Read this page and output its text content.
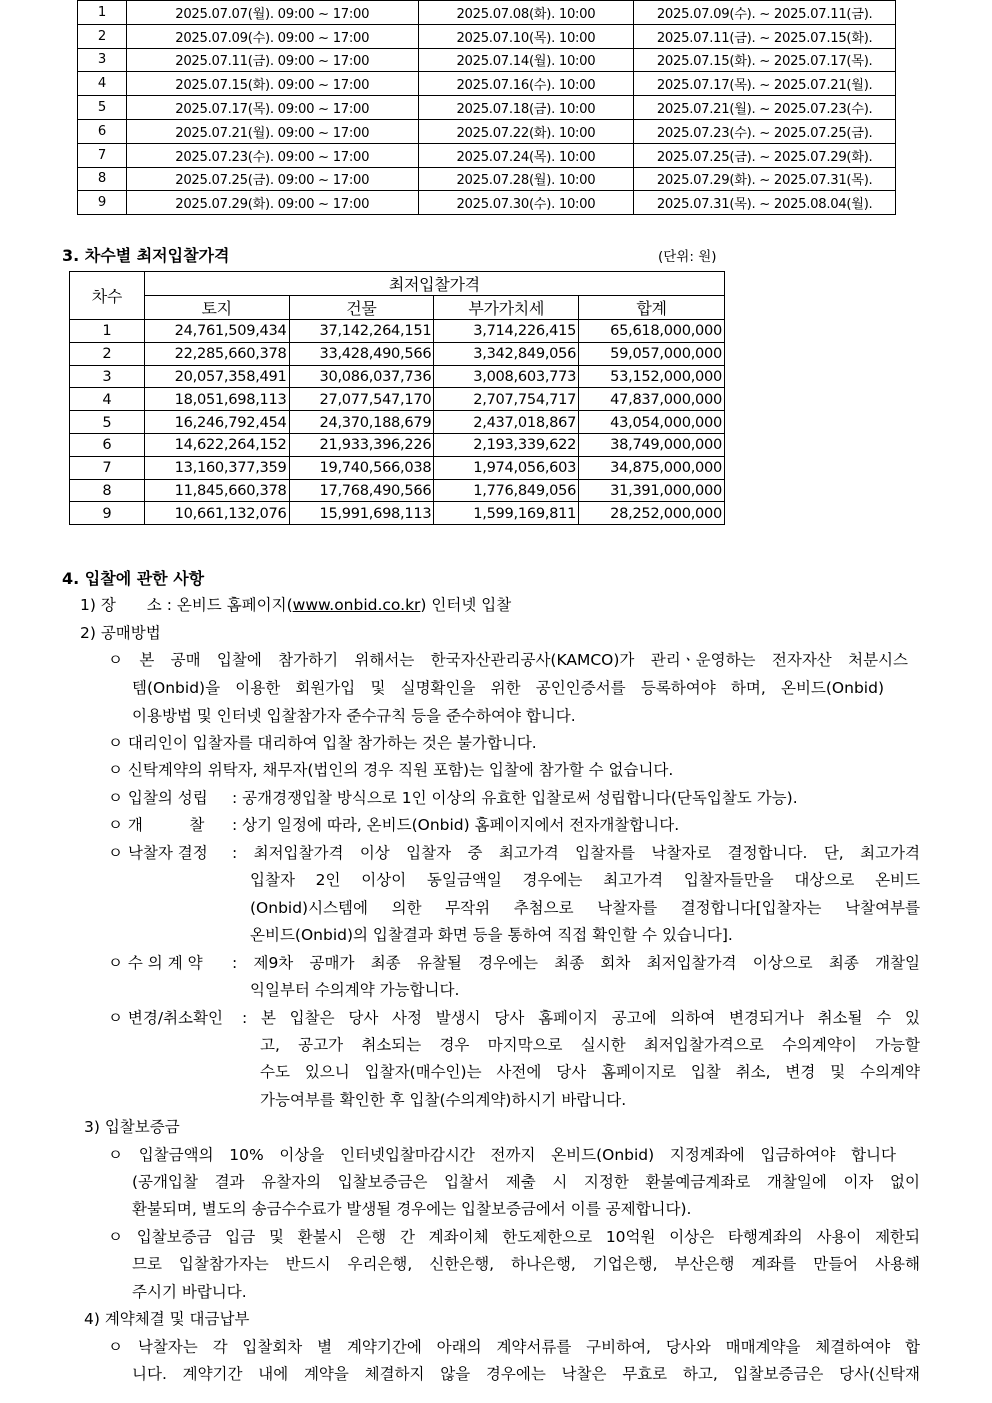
1	2025.07.07(월). 09:00 ~ 17:00	2025.07.08(화). 10:00	2025.07.09(수). ~ 2025.07.11(금).
2	2025.07.09(수). 09:00 ~ 17:00	2025.07.10(목). 10:00	2025.07.11(금). ~ 2025.07.15(화).
3	2025.07.11(금). 09:00 ~ 17:00	2025.07.14(월). 10:00	2025.07.15(화). ~ 2025.07.17(목).
4	2025.07.15(화). 09:00 ~ 17:00	2025.07.16(수). 10:00	2025.07.17(목). ~ 2025.07.21(월).
5	2025.07.17(목). 09:00 ~ 17:00	2025.07.18(금). 10:00	2025.07.21(월). ~ 2025.07.23(수).
6	2025.07.21(월). 09:00 ~ 17:00	2025.07.22(화). 10:00	2025.07.23(수). ~ 2025.07.25(금).
7	2025.07.23(수). 09:00 ~ 17:00	2025.07.24(목). 10:00	2025.07.25(금). ~ 2025.07.29(화).
8	2025.07.25(금). 09:00 ~ 17:00	2025.07.28(월). 10:00	2025.07.29(화). ~ 2025.07.31(목).
9	2025.07.29(화). 09:00 ~ 17:00	2025.07.30(수). 10:00	2025.07.31(목). ~ 2025.08.04(월).
3. 차수별 최저입찰가격	(단위: 원)
차수	최저입찰가격			
	토지	건물	부가가치세	합계
1	24,761,509,434	37,142,264,151	3,714,226,415	65,618,000,000
2	22,285,660,378	33,428,490,566	3,342,849,056	59,057,000,000
3	20,057,358,491	30,086,037,736	3,008,603,773	53,152,000,000
4	18,051,698,113	27,077,547,170	2,707,754,717	47,837,000,000
5	16,246,792,454	24,370,188,679	2,437,018,867	43,054,000,000
6	14,622,264,152	21,933,396,226	2,193,339,622	38,749,000,000
7	13,160,377,359	19,740,566,038	1,974,056,603	34,875,000,000
8	11,845,660,378	17,768,490,566	1,776,849,056	31,391,000,000
9	10,661,132,076	15,991,698,113	1,599,169,811	28,252,000,000
4. 입찰에 관한 사항
1) 장　　소 : 온비드 홈페이지(www.onbid.co.kr) 인터넷 입찰
2) 공매방법
ㅇ 본 공매 입찰에 참가하기 위해서는 한국자산관리공사(KAMCO)가 관리ㆍ운영하는 전자자산 처분시스
템(Onbid)을 이용한 회원가입 및 실명확인을 위한 공인인증서를 등록하여야 하며, 온비드(Onbid)
이용방법 및 인터넷 입찰참가자 준수규칙 등을 준수하여야 합니다.
ㅇ 대리인이 입찰자를 대리하여 입찰 참가하는 것은 불가합니다.
ㅇ 신탁계약의 위탁자, 채무자(법인의 경우 직원 포함)는 입찰에 참가할 수 없습니다.
ㅇ 입찰의 성립 : 공개경쟁입찰 방식으로 1인 이상의 유효한 입찰로써 성립합니다(단독입찰도 가능).
ㅇ 개　　　찰 : 상기 일정에 따라, 온비드(Onbid) 홈페이지에서 전자개찰합니다.
ㅇ 낙찰자 결정 : 최저입찰가격 이상 입찰자 중 최고가격 입찰자를 낙찰자로 결정합니다. 단, 최고가격
입찰자 2인 이상이 동일금액일 경우에는 최고가격 입찰자들만을 대상으로 온비드
(Onbid)시스템에 의한 무작위 추첨으로 낙찰자를 결정합니다[입찰자는 낙찰여부를
온비드(Onbid)의 입찰결과 화면 등을 통하여 직접 확인할 수 있습니다].
ㅇ 수 의 계 약 : 제9차 공매가 최종 유찰될 경우에는 최종 회차 최저입찰가격 이상으로 최종 개찰일
익일부터 수의계약 가능합니다.
ㅇ 변경/취소확인 : 본 입찰은 당사 사정 발생시 당사 홈페이지 공고에 의하여 변경되거나 취소될 수 있
고, 공고가 취소되는 경우 마지막으로 실시한 최저입찰가격으로 수의계약이 가능할
수도 있으니 입찰자(매수인)는 사전에 당사 홈페이지로 입찰 취소, 변경 및 수의계약
가능여부를 확인한 후 입찰(수의계약)하시기 바랍니다.
3) 입찰보증금
ㅇ 입찰금액의 10% 이상을 인터넷입찰마감시간 전까지 온비드(Onbid) 지정계좌에 입금하여야 합니다
(공개입찰 결과 유찰자의 입찰보증금은 입찰서 제출 시 지정한 환불예금계좌로 개찰일에 이자 없이
환불되며, 별도의 송금수수료가 발생될 경우에는 입찰보증금에서 이를 공제합니다).
ㅇ 입찰보증금 입금 및 환불시 은행 간 계좌이체 한도제한으로 10억원 이상은 타행계좌의 사용이 제한되
므로 입찰참가자는 반드시 우리은행, 신한은행, 하나은행, 기업은행, 부산은행 계좌를 만들어 사용해
주시기 바랍니다.
4) 계약체결 및 대금납부
ㅇ 낙찰자는 각 입찰회차 별 계약기간에 아래의 계약서류를 구비하여, 당사와 매매계약을 체결하여야 합
니다. 계약기간 내에 계약을 체결하지 않을 경우에는 낙찰은 무효로 하고, 입찰보증금은 당사(신탁재
